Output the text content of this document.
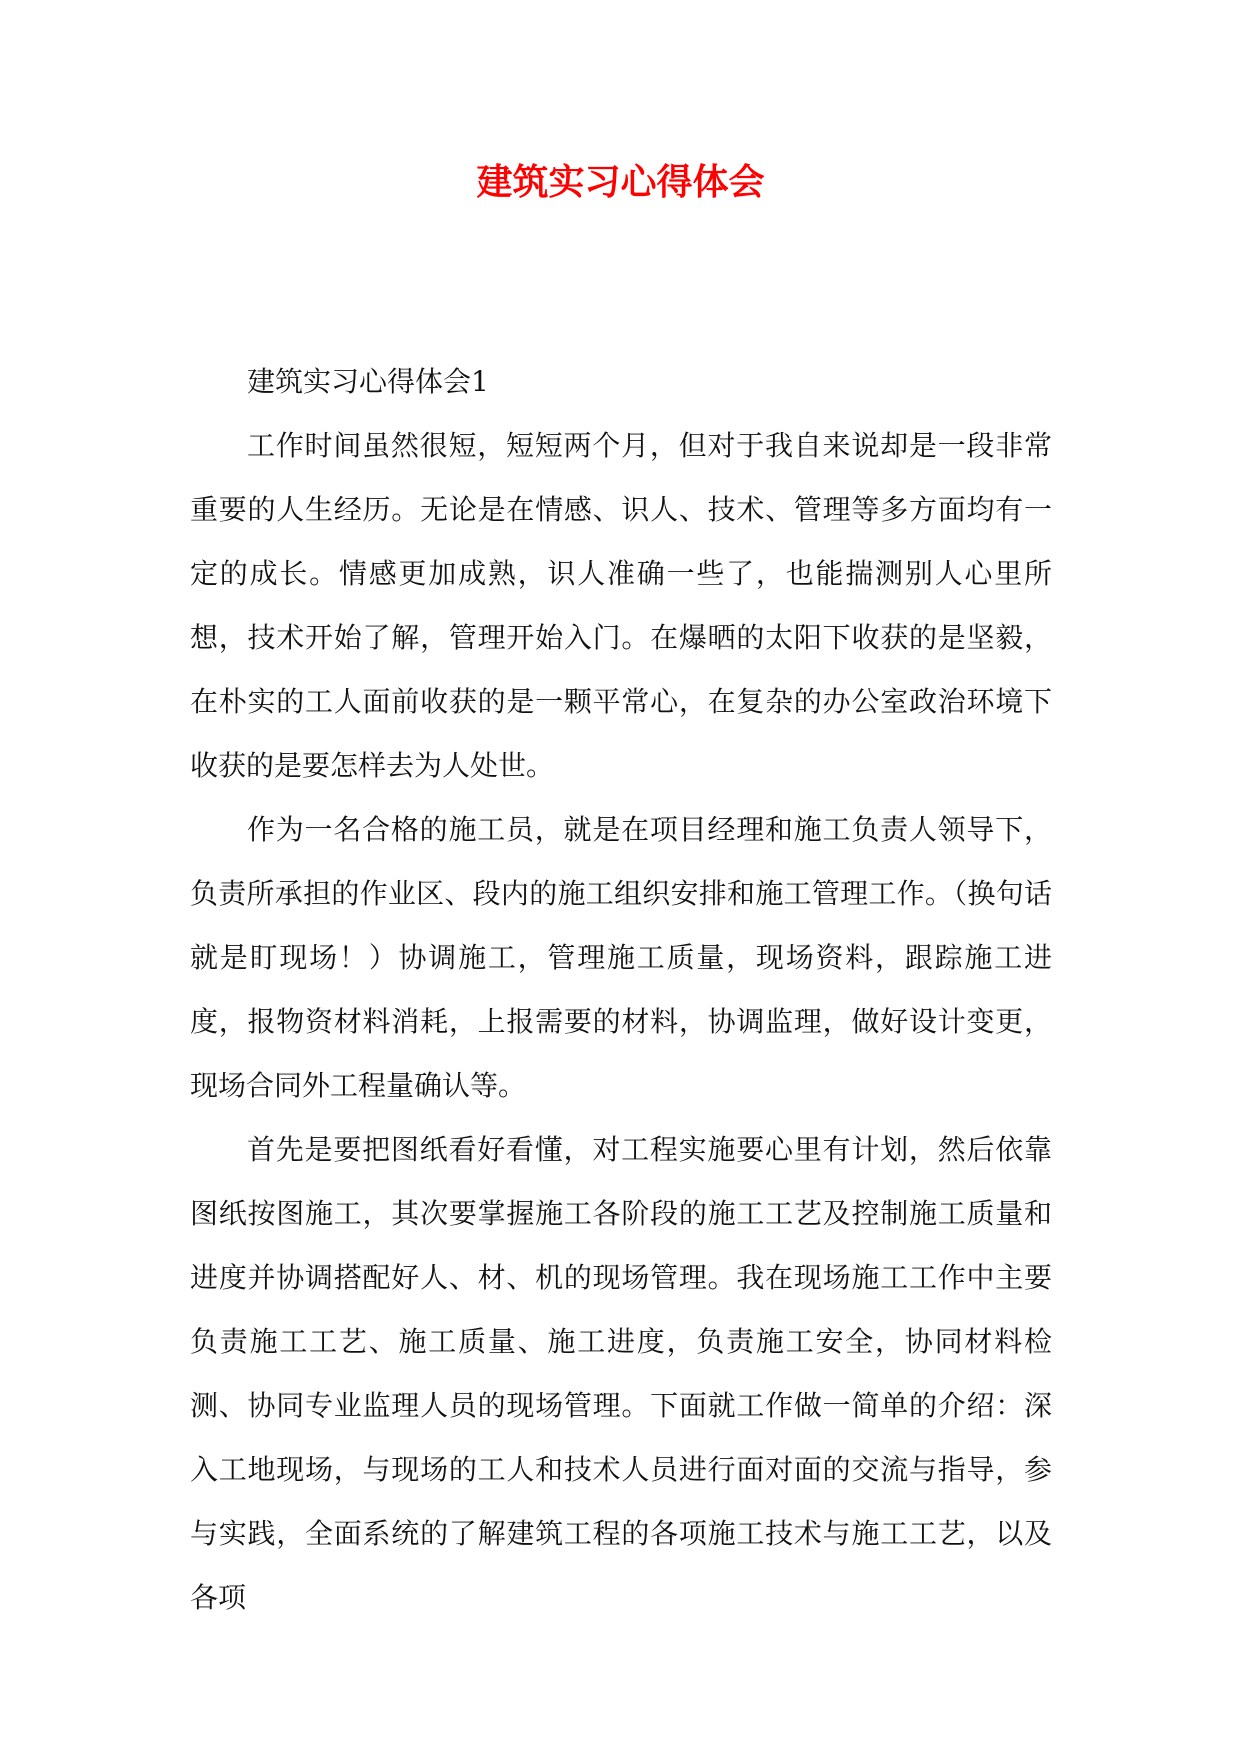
建筑实习心得体会

建筑实习心得体会1

工作时间虽然很短，短短两个月，但对于我自来说却是一段非常重要的人生经历。无论是在情感、识人、技术、管理等多方面均有一定的成长。情感更加成熟，识人准确一些了，也能揣测别人心里所想，技术开始了解，管理开始入门。在爆晒的太阳下收获的是坚毅，在朴实的工人面前收获的是一颗平常心，在复杂的办公室政治环境下收获的是要怎样去为人处世。

作为一名合格的施工员，就是在项目经理和施工负责人领导下，负责所承担的作业区、段内的施工组织安排和施工管理工作。（换句话就是盯现场！）协调施工，管理施工质量，现场资料，跟踪施工进度，报物资材料消耗，上报需要的材料，协调监理，做好设计变更，现场合同外工程量确认等。

首先是要把图纸看好看懂，对工程实施要心里有计划，然后依靠图纸按图施工，其次要掌握施工各阶段的施工工艺及控制施工质量和进度并协调搭配好人、材、机的现场管理。我在现场施工工作中主要负责施工工艺、施工质量、施工进度，负责施工安全，协同材料检测、协同专业监理人员的现场管理。下面就工作做一简单的介绍：深入工地现场，与现场的工人和技术人员进行面对面的交流与指导，参与实践，全面系统的了解建筑工程的各项施工技术与施工工艺，以及各项
